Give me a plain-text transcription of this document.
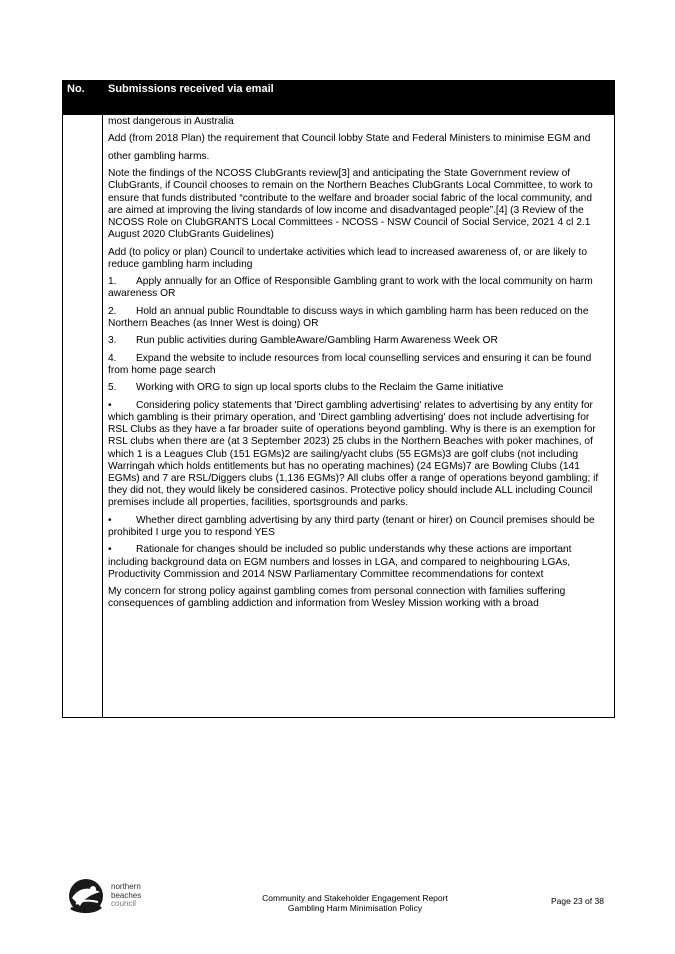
No. Submissions received via email

most dangerous in Australia

Add (from 2018 Plan) the requirement that Council lobby State and Federal Ministers to minimise EGM and

other gambling harms.

Note the findings of the NCOSS ClubGrants review[3] and anticipating the State Government review of ClubGrants, if Council chooses to remain on the Northern Beaches ClubGrants Local Committee, to work to ensure that funds distributed “contribute to the welfare and broader social fabric of the local community, and are aimed at improving the living standards of low income and disadvantaged people”.[4] (3 Review of the NCOSS Role on ClubGRANTS Local Committees - NCOSS - NSW Council of Social Service, 2021 4 cl 2.1 August 2020 ClubGrants Guidelines)

Add (to policy or plan) Council to undertake activities which lead to increased awareness of, or are likely to reduce gambling harm including

1. Apply annually for an Office of Responsible Gambling grant to work with the local community on harm awareness OR

2. Hold an annual public Roundtable to discuss ways in which gambling harm has been reduced on the Northern Beaches (as Inner West is doing) OR

3. Run public activities during GambleAware/Gambling Harm Awareness Week OR

4. Expand the website to include resources from local counselling services and ensuring it can be found from home page search

5. Working with ORG to sign up local sports clubs to the Reclaim the Game initiative

• Considering policy statements that 'Direct gambling advertising' relates to advertising by any entity for which gambling is their primary operation, and 'Direct gambling advertising' does not include advertising for RSL Clubs as they have a far broader suite of operations beyond gambling. Why is there is an exemption for RSL clubs when there are (at 3 September 2023) 25 clubs in the Northern Beaches with poker machines, of which 1 is a Leagues Club (151 EGMs)2 are sailing/yacht clubs (55 EGMs)3 are golf clubs (not including Warringah which holds entitlements but has no operating machines) (24 EGMs)7 are Bowling Clubs (141 EGMs) and 7 are RSL/Diggers clubs (1,136 EGMs)? All clubs offer a range of operations beyond gambling; if they did not, they would likely be considered casinos. Protective policy should include ALL including Council premises include all properties, facilities, sportsgrounds and parks.

• Whether direct gambling advertising by any third party (tenant or hirer) on Council premises should be prohibited I urge you to respond YES

• Rationale for changes should be included so public understands why these actions are important including background data on EGM numbers and losses in LGA, and compared to neighbouring LGAs, Productivity Commission and 2014 NSW Parliamentary Committee recommendations for context

My concern for strong policy against gambling comes from personal connection with families suffering consequences of gambling addiction and information from Wesley Mission working with a broad

northern
beaches
council
Community and Stakeholder Engagement Report
Gambling Harm Minimisation Policy
Page 23 of 38
